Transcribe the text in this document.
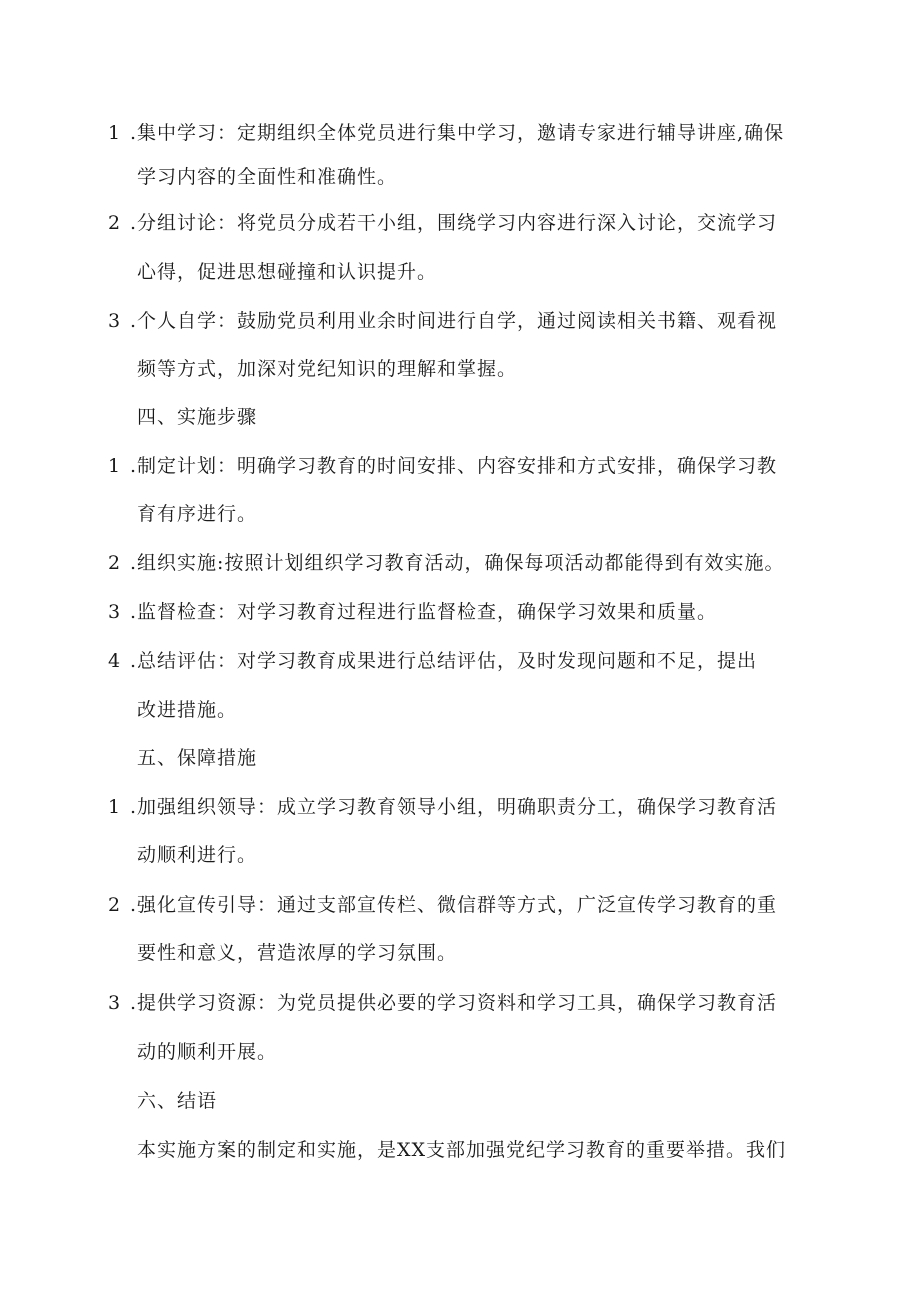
1 .集中学习：定期组织全体党员进行集中学习，邀请专家进行辅导讲座,确保
学习内容的全面性和准确性。
2 .分组讨论：将党员分成若干小组，围绕学习内容进行深入讨论，交流学习
心得，促进思想碰撞和认识提升。
3 .个人自学：鼓励党员利用业余时间进行自学，通过阅读相关书籍、观看视
频等方式，加深对党纪知识的理解和掌握。
四、实施步骤
1 .制定计划：明确学习教育的时间安排、内容安排和方式安排，确保学习教
育有序进行。
2 .组织实施:按照计划组织学习教育活动，确保每项活动都能得到有效实施。
3 .监督检查：对学习教育过程进行监督检查，确保学习效果和质量。
4 .总结评估：对学习教育成果进行总结评估，及时发现问题和不足，提出
改进措施。
五、保障措施
1 .加强组织领导：成立学习教育领导小组，明确职责分工，确保学习教育活
动顺利进行。
2 .强化宣传引导：通过支部宣传栏、微信群等方式，广泛宣传学习教育的重
要性和意义，营造浓厚的学习氛围。
3 .提供学习资源：为党员提供必要的学习资料和学习工具，确保学习教育活
动的顺利开展。
六、结语
本实施方案的制定和实施，是XX支部加强党纪学习教育的重要举措。我们
